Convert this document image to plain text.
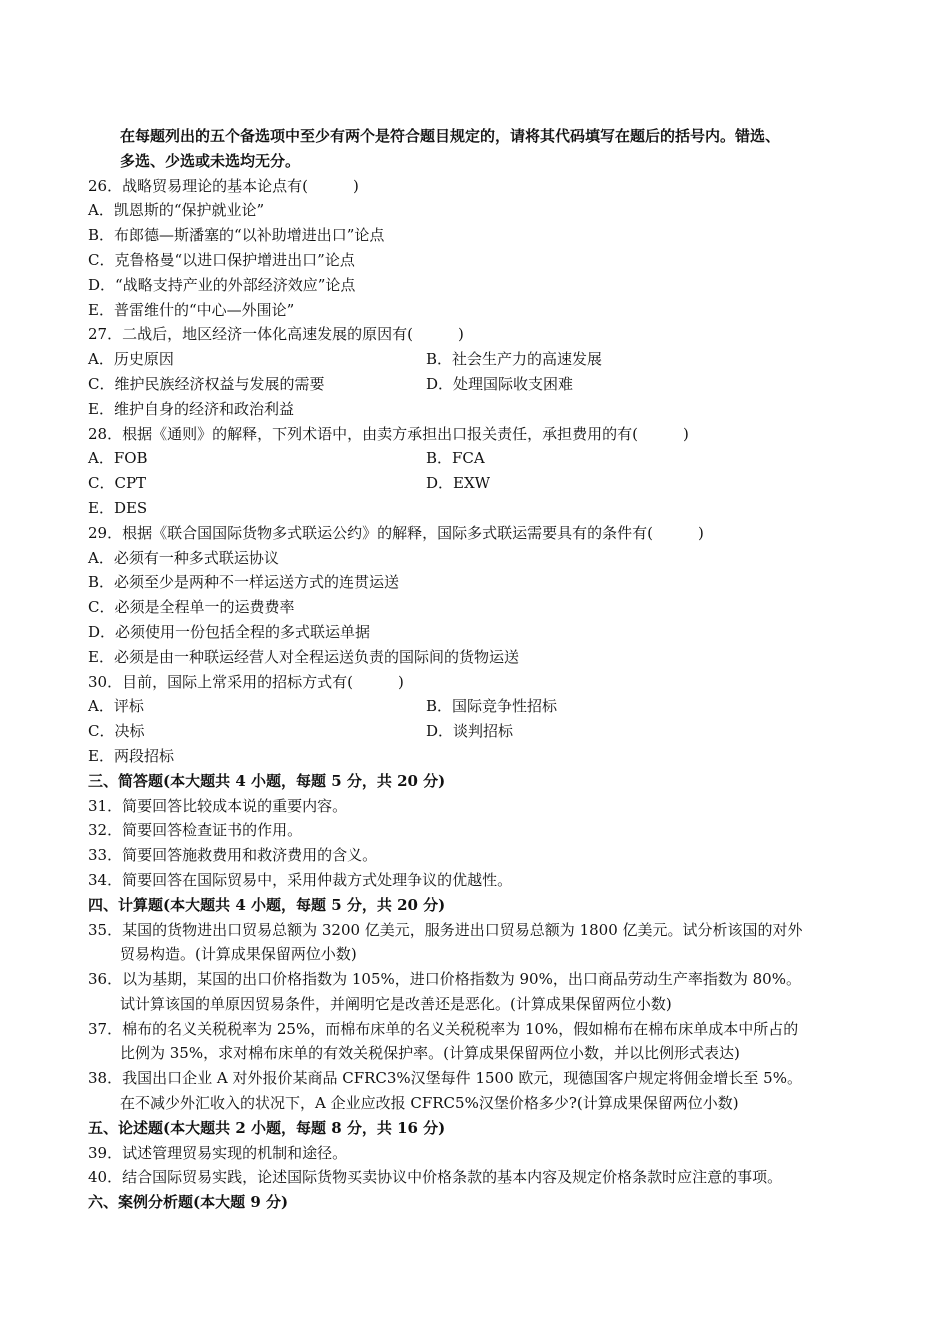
在每题列出的五个备选项中至少有两个是符合题目规定的，请将其代码填写在题后的括号内。错选、
多选、少选或未选均无分。
26．战略贸易理论的基本论点有(　　　)
A．凯恩斯的“保护就业论”
B．布郎德—斯潘塞的“以补助增进出口”论点
C．克鲁格曼“以进口保护增进出口”论点
D．“战略支持产业的外部经济效应”论点
E．普雷维什的“中心—外围论”
27．二战后，地区经济一体化高速发展的原因有(　　　)
A．历史原因	B．社会生产力的高速发展
C．维护民族经济权益与发展的需要	D．处理国际收支困难
E．维护自身的经济和政治利益
28．根据《通则》的解释，下列术语中，由卖方承担出口报关责任，承担费用的有(　　　)
A．FOB	B．FCA
C．CPT	D．EXW
E．DES
29．根据《联合国国际货物多式联运公约》的解释，国际多式联运需要具有的条件有(　　　)
A．必须有一种多式联运协议
B．必须至少是两种不一样运送方式的连贯运送
C．必须是全程单一的运费费率
D．必须使用一份包括全程的多式联运单据
E．必须是由一种联运经营人对全程运送负责的国际间的货物运送
30．目前，国际上常采用的招标方式有(　　　)
A．评标	B．国际竞争性招标
C．决标	D．谈判招标
E．两段招标
三、简答题(本大题共 4 小题，每题 5 分，共 20 分)
31．简要回答比较成本说的重要内容。
32．简要回答检查证书的作用。
33．简要回答施救费用和救济费用的含义。
34．简要回答在国际贸易中，采用仲裁方式处理争议的优越性。
四、计算题(本大题共 4 小题，每题 5 分，共 20 分)
35．某国的货物进出口贸易总额为 3200 亿美元，服务进出口贸易总额为 1800 亿美元。试分析该国的对外
贸易构造。(计算成果保留两位小数)
36．以为基期，某国的出口价格指数为 105%，进口价格指数为 90%，出口商品劳动生产率指数为 80%。
试计算该国的单原因贸易条件，并阐明它是改善还是恶化。(计算成果保留两位小数)
37．棉布的名义关税税率为 25%，而棉布床单的名义关税税率为 10%，假如棉布在棉布床单成本中所占的
比例为 35%，求对棉布床单的有效关税保护率。(计算成果保留两位小数，并以比例形式表达)
38．我国出口企业 A 对外报价某商品 CFRC3%汉堡每件 1500 欧元，现德国客户规定将佣金增长至 5%。
在不减少外汇收入的状况下，A 企业应改报 CFRC5%汉堡价格多少?(计算成果保留两位小数)
五、论述题(本大题共 2 小题，每题 8 分，共 16 分)
39．试述管理贸易实现的机制和途径。
40．结合国际贸易实践，论述国际货物买卖协议中价格条款的基本内容及规定价格条款时应注意的事项。
六、案例分析题(本大题 9 分)
